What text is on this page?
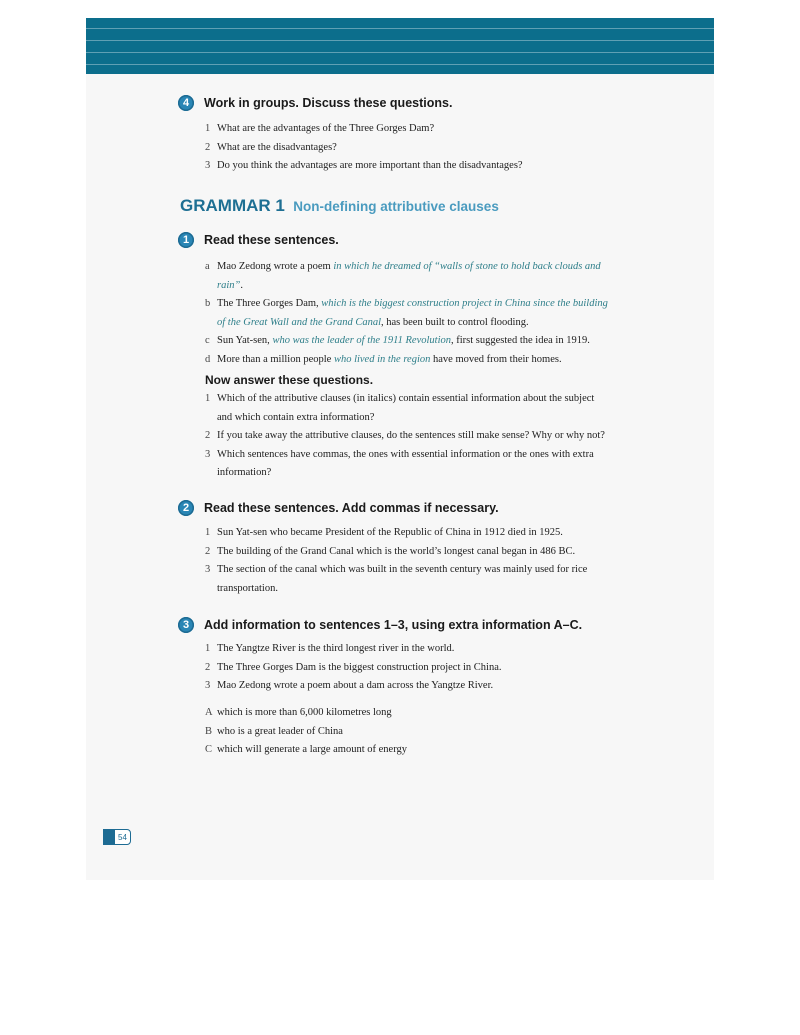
4	Work in groups. Discuss these questions.
1 What are the advantages of the Three Gorges Dam?
2 What are the disadvantages?
3 Do you think the advantages are more important than the disadvantages?
GRAMMAR 1 Non-defining attributive clauses
1	Read these sentences.
a Mao Zedong wrote a poem in which he dreamed of “walls of stone to hold back clouds and
rain”.
b The Three Gorges Dam, which is the biggest construction project in China since the building
of the Great Wall and the Grand Canal, has been built to control flooding.
c Sun Yat-sen, who was the leader of the 1911 Revolution, first suggested the idea in 1919.
d More than a million people who lived in the region have moved from their homes.
Now answer these questions.
1 Which of the attributive clauses (in italics) contain essential information about the subject
and which contain extra information?
2 If you take away the attributive clauses, do the sentences still make sense? Why or why not?
3 Which sentences have commas, the ones with essential information or the ones with extra
information?
2	Read these sentences. Add commas if necessary.
1 Sun Yat-sen who became President of the Republic of China in 1912 died in 1925.
2 The building of the Grand Canal which is the world’s longest canal began in 486 BC.
3 The section of the canal which was built in the seventh century was mainly used for rice
transportation.
3	Add information to sentences 1–3, using extra information A–C.
1 The Yangtze River is the third longest river in the world.
2 The Three Gorges Dam is the biggest construction project in China.
3 Mao Zedong wrote a poem about a dam across the Yangtze River.
A which is more than 6,000 kilometres long
B who is a great leader of China
C which will generate a large amount of energy
54
